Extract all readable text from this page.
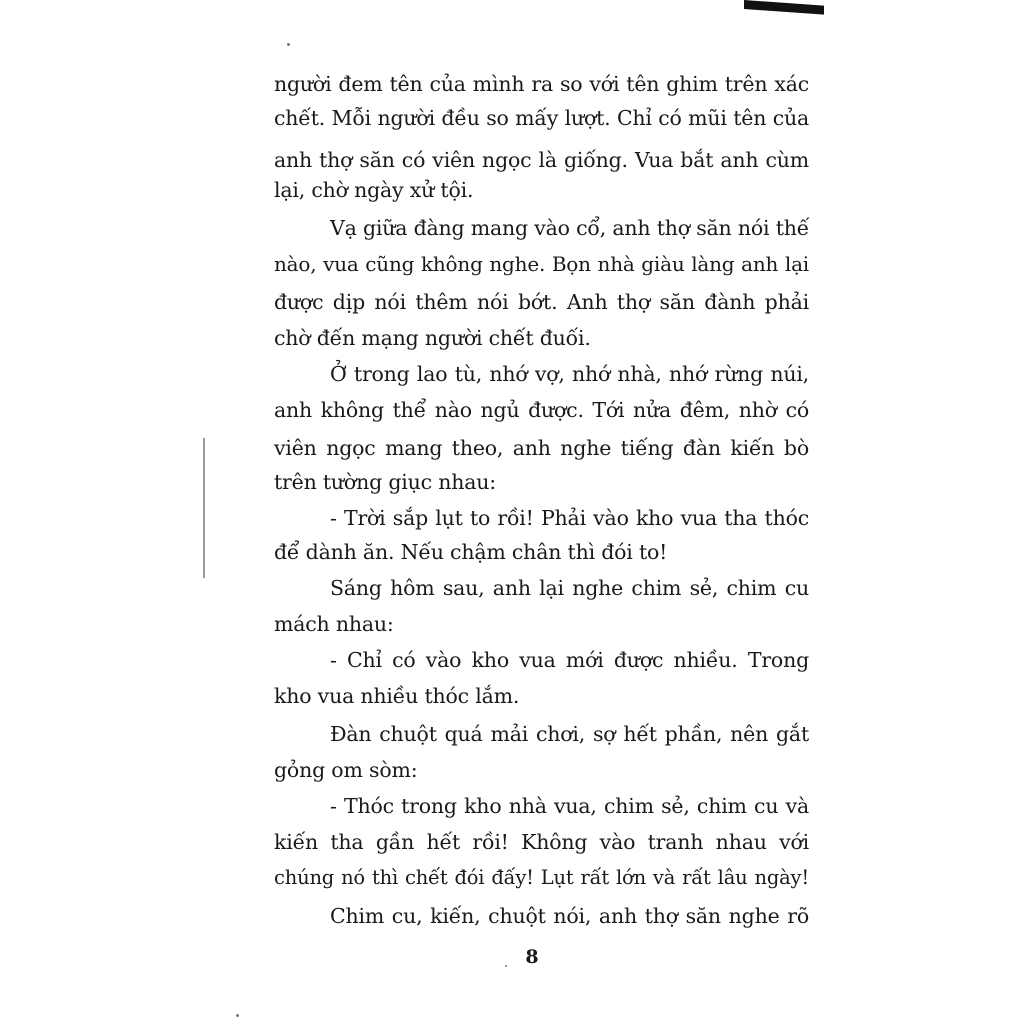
người đem tên của mình ra so với tên ghim trên xác
chết. Mỗi người đều so mấy lượt. Chỉ có mũi tên của
anh thợ săn có viên ngọc là giống. Vua bắt anh cùm
lại, chờ ngày xử tội.
Vạ giữa đàng mang vào cổ, anh thợ săn nói thế
nào, vua cũng không nghe. Bọn nhà giàu làng anh lại
được dịp nói thêm nói bớt. Anh thợ săn đành phải
chờ đến mạng người chết đuối.
Ở trong lao tù, nhớ vợ, nhớ nhà, nhớ rừng núi,
anh không thể nào ngủ được. Tới nửa đêm, nhờ có
viên ngọc mang theo, anh nghe tiếng đàn kiến bò
trên tường giục nhau:
- Trời sắp lụt to rồi! Phải vào kho vua tha thóc
để dành ăn. Nếu chậm chân thì đói to!
Sáng hôm sau, anh lại nghe chim sẻ, chim cu
mách nhau:
- Chỉ có vào kho vua mới được nhiều. Trong
kho vua nhiều thóc lắm.
Đàn chuột quá mải chơi, sợ hết phần, nên gắt
gỏng om sòm:
- Thóc trong kho nhà vua, chim sẻ, chim cu và
kiến tha gần hết rồi! Không vào tranh nhau với
chúng nó thì chết đói đấy! Lụt rất lớn và rất lâu ngày!
Chim cu, kiến, chuột nói, anh thợ săn nghe rõ
8
